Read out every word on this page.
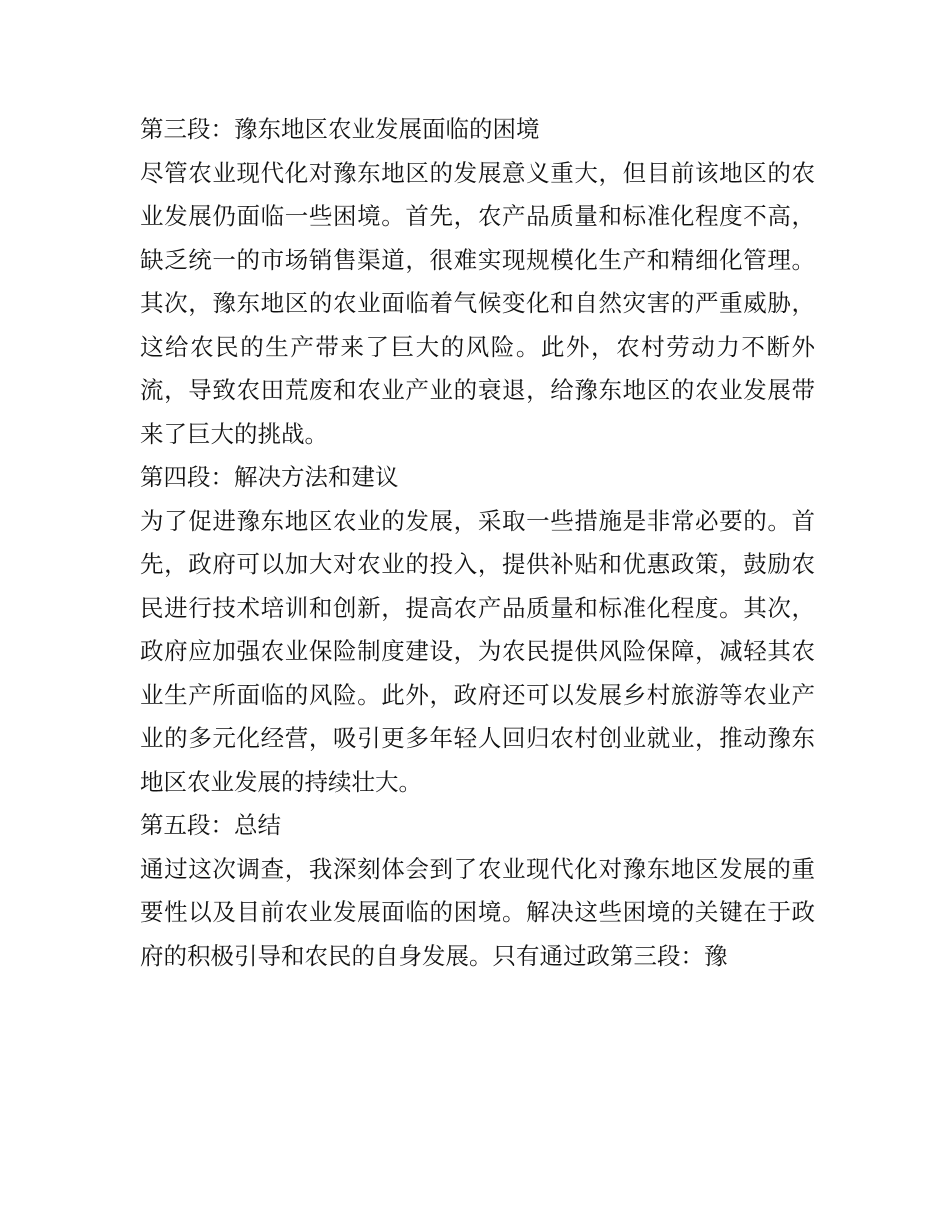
第三段：豫东地区农业发展面临的困境

尽管农业现代化对豫东地区的发展意义重大，但目前该地区的农业发展仍面临一些困境。首先，农产品质量和标准化程度不高，缺乏统一的市场销售渠道，很难实现规模化生产和精细化管理。其次，豫东地区的农业面临着气候变化和自然灾害的严重威胁，这给农民的生产带来了巨大的风险。此外，农村劳动力不断外流，导致农田荒废和农业产业的衰退，给豫东地区的农业发展带来了巨大的挑战。

第四段：解决方法和建议

为了促进豫东地区农业的发展，采取一些措施是非常必要的。首先，政府可以加大对农业的投入，提供补贴和优惠政策，鼓励农民进行技术培训和创新，提高农产品质量和标准化程度。其次，政府应加强农业保险制度建设，为农民提供风险保障，减轻其农业生产所面临的风险。此外，政府还可以发展乡村旅游等农业产业的多元化经营，吸引更多年轻人回归农村创业就业，推动豫东地区农业发展的持续壮大。

第五段：总结

通过这次调查，我深刻体会到了农业现代化对豫东地区发展的重要性以及目前农业发展面临的困境。解决这些困境的关键在于政府的积极引导和农民的自身发展。只有通过政第三段：豫
